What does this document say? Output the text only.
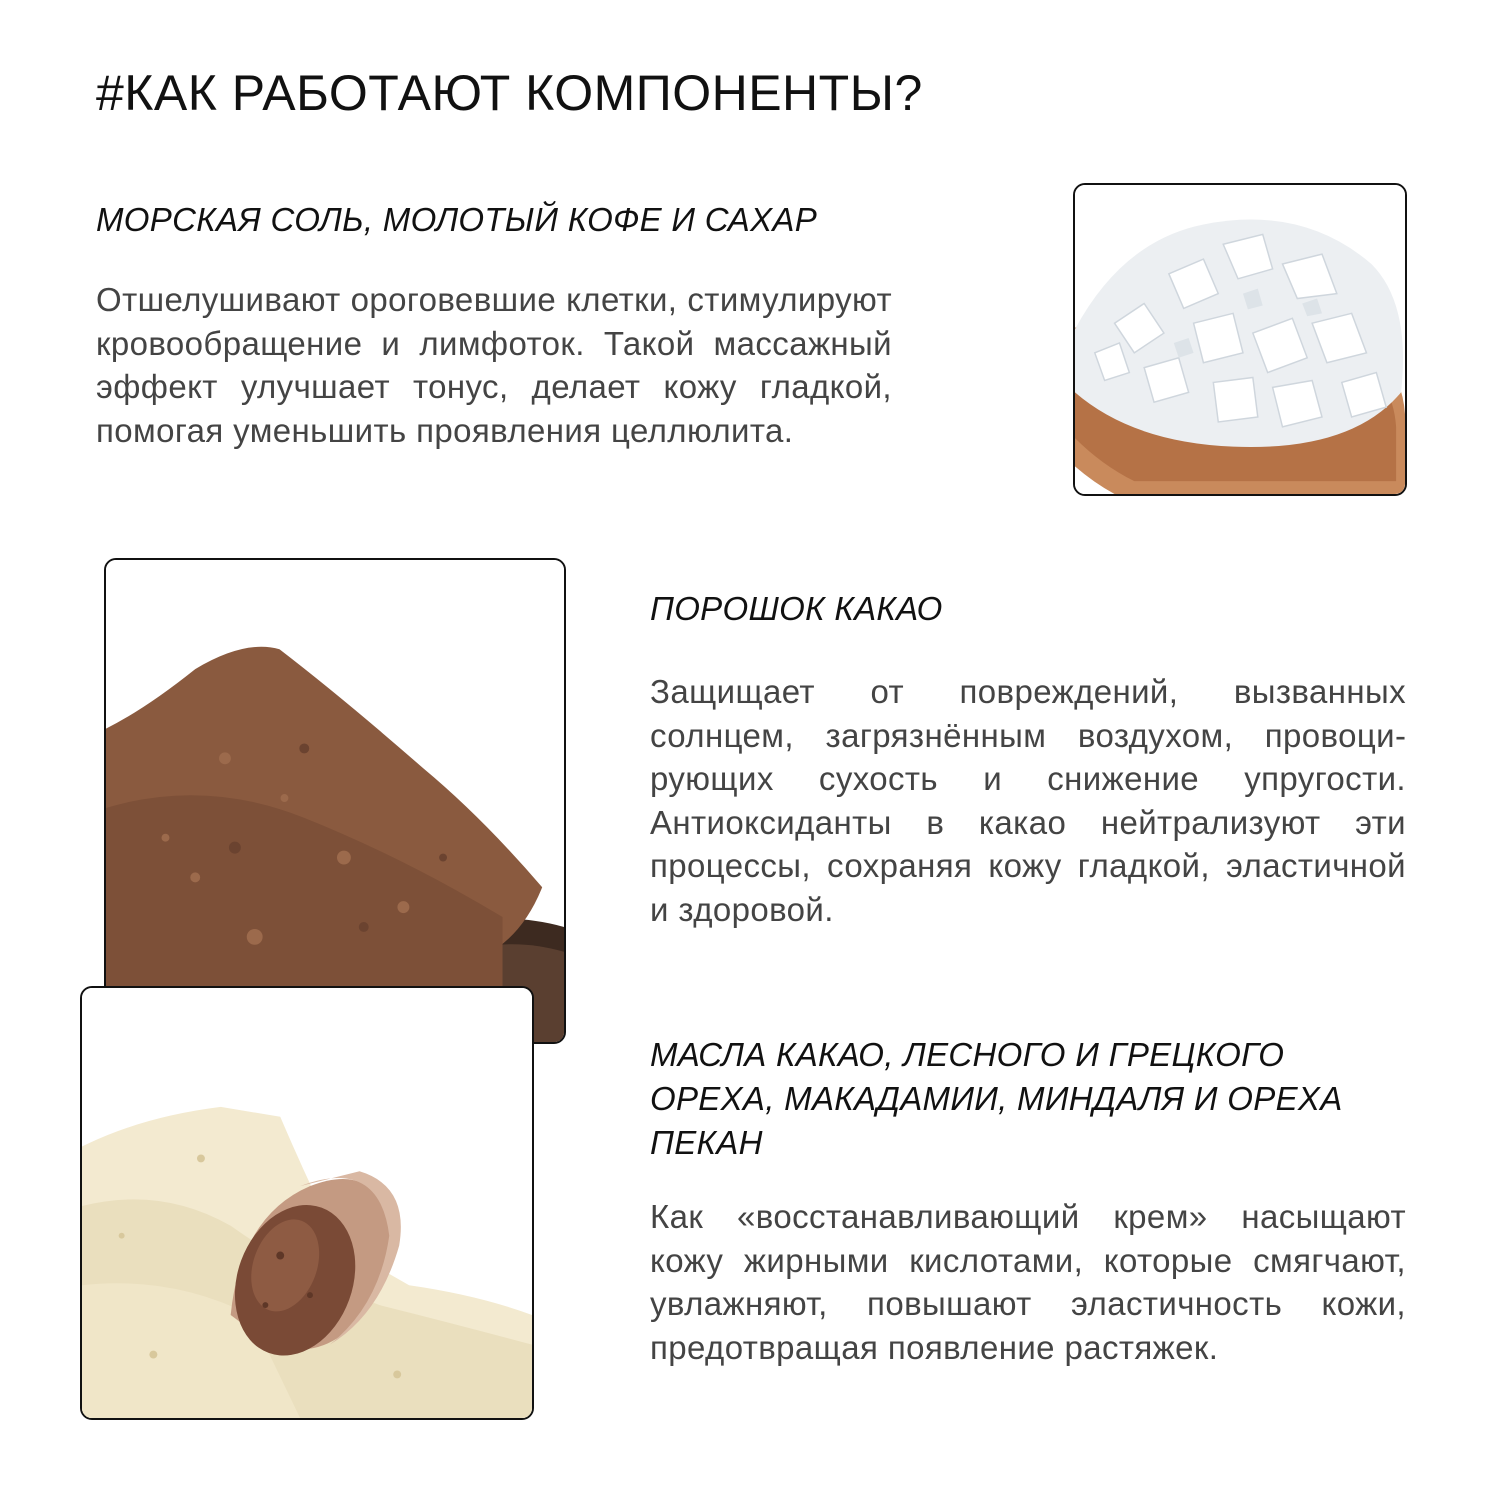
#КАК РАБОТАЮТ КОМПОНЕНТЫ?
МОРСКАЯ СОЛЬ, МОЛОТЫЙ КОФЕ И САХАР

Отшелушивают ороговевшие клетки, стимулируют кровообращение и лимфоток. Такой массажный эффект улучшает тонус, делает кожу гладкой, помогая уменьшить проявления целлюлита.

ПОРОШОК КАКАО

Защищает от повреждений, вызванных солнцем, загрязнённым воздухом, провоцирующих сухость и снижение упругости. Антиоксиданты в какао нейтрализуют эти процессы, сохраняя кожу гладкой, эластичной и здоровой.

МАСЛА КАКАО, ЛЕСНОГО И ГРЕЦКОГО ОРЕХА, МАКАДАМИИ, МИНДАЛЯ И ОРЕХА ПЕКАН

Как «восстанавливающий крем» насыщают кожу жирными кислотами, которые смягчают, увлажняют, повышают эластичность кожи, предотвращая появление растяжек.
